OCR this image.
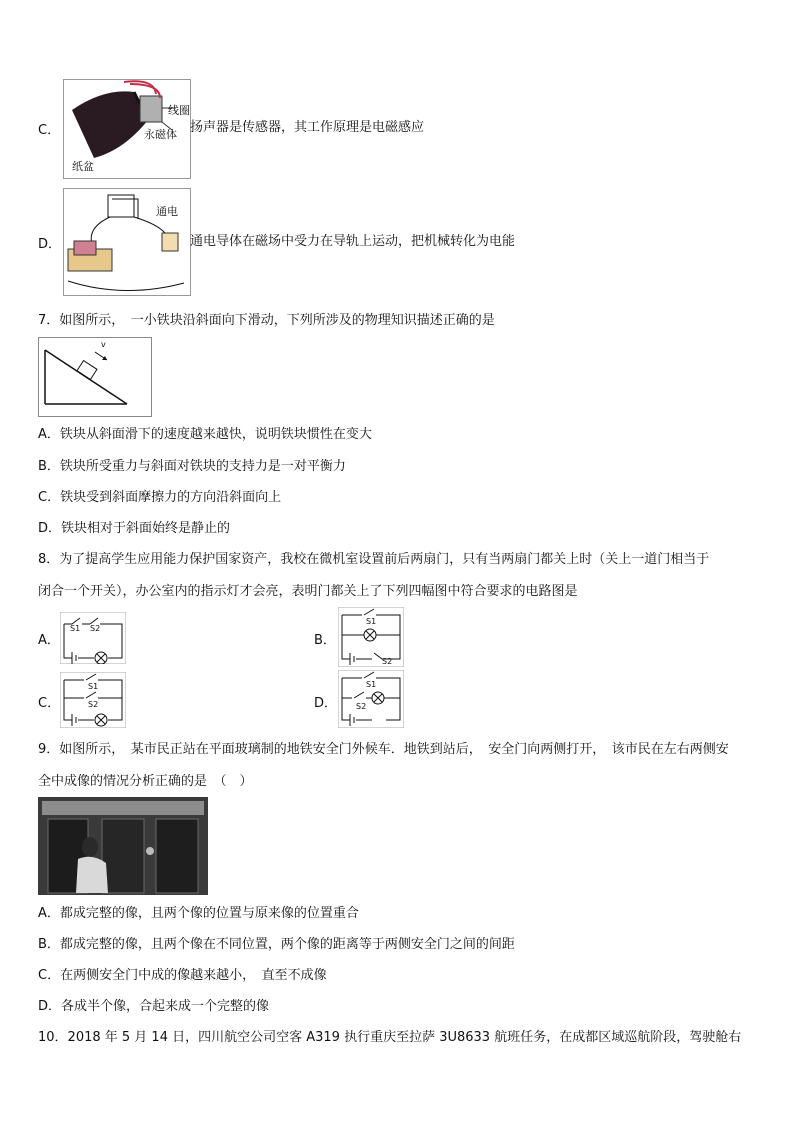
C．
线圈
永磁体
纸盆
扬声器是传感器，其工作原理是电磁感应
D．
通电
通电导体在磁场中受力在导轨上运动，把机械转化为电能
7．如图所示，　一小铁块沿斜面向下滑动，下列所涉及的物理知识描述正确的是
v
A．铁块从斜面滑下的速度越来越快，说明铁块惯性在变大
B．铁块所受重力与斜面对铁块的支持力是一对平衡力
C．铁块受到斜面摩擦力的方向沿斜面向上
D．铁块相对于斜面始终是静止的
8．为了提高学生应用能力保护国家资产，我校在微机室设置前后两扇门，只有当两扇门都关上时（关上一道门相当于
闭合一个开关），办公室内的指示灯才会亮，表明门都关上了下列四幅图中符合要求的电路图是
A．
S1 S2
B．
S1
S2
C．
S1
S2	D．
S1
S2
9．如图所示，　某市民正站在平面玻璃制的地铁安全门外候车．地铁到站后，　安全门向两侧打开，　该市民在左右两侧安
全中成像的情况分析正确的是　（　）
A．都成完整的像，且两个像的位置与原来像的位置重合
B．都成完整的像，且两个像在不同位置，两个像的距离等于两侧安全门之间的间距
C．在两侧安全门中成的像越来越小，　直至不成像
D．各成半个像，合起来成一个完整的像
10．2018 年 5 月 14 日，四川航空公司空客 A319 执行重庆至拉萨 3U8633 航班任务，在成都区域巡航阶段，驾驶舱右
